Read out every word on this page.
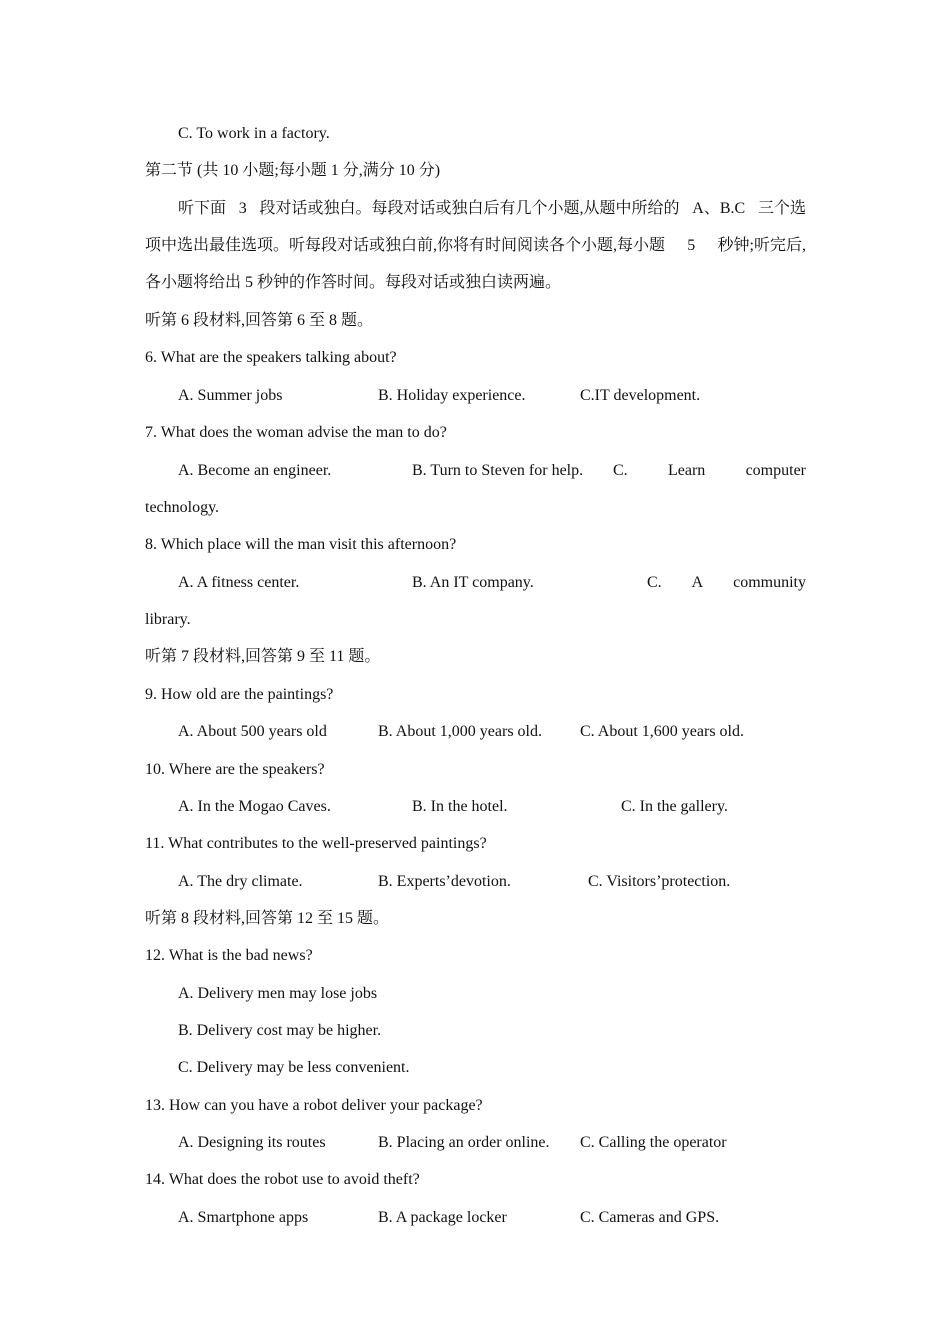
C. To work in a factory.
第二节 (共 10 小题;每小题 1 分,满分 10 分)
听下面 3 段对话或独白。每段对话或独白后有几个小题,从题中所给的 A、B.C 三个选
项中选出最佳选项。听每段对话或独白前,你将有时间阅读各个小题,每小题 5 秒钟;听完后,
各小题将给出 5 秒钟的作答时间。每段对话或独白读两遍。
听第 6 段材料,回答第 6 至 8 题。
6. What are the speakers talking about?
A. Summer jobs	B. Holiday experience.	C.IT development.
7. What does the woman advise the man to do?
A. Become an engineer.	B. Turn to Steven for help. C.	Learn	computer
technology.
8. Which place will the man visit this afternoon?
A. A fitness center.	B. An IT company.	C. A community
library.
听第 7 段材料,回答第 9 至 11 题。
9. How old are the paintings?
A. About 500 years old	B. About 1,000 years old. C. About 1,600 years old.
10. Where are the speakers?
A. In the Mogao Caves.	B. In the hotel.	C. In the gallery.
11. What contributes to the well-preserved paintings?
A. The dry climate.	B. Experts’devotion.	C. Visitors’protection.
听第 8 段材料,回答第 12 至 15 题。
12. What is the bad news?
A. Delivery men may lose jobs
B. Delivery cost may be higher.
C. Delivery may be less convenient.
13. How can you have a robot deliver your package?
A. Designing its routes	B. Placing an order online. C. Calling the operator
14. What does the robot use to avoid theft?
A. Smartphone apps	B. A package locker	C. Cameras and GPS.
